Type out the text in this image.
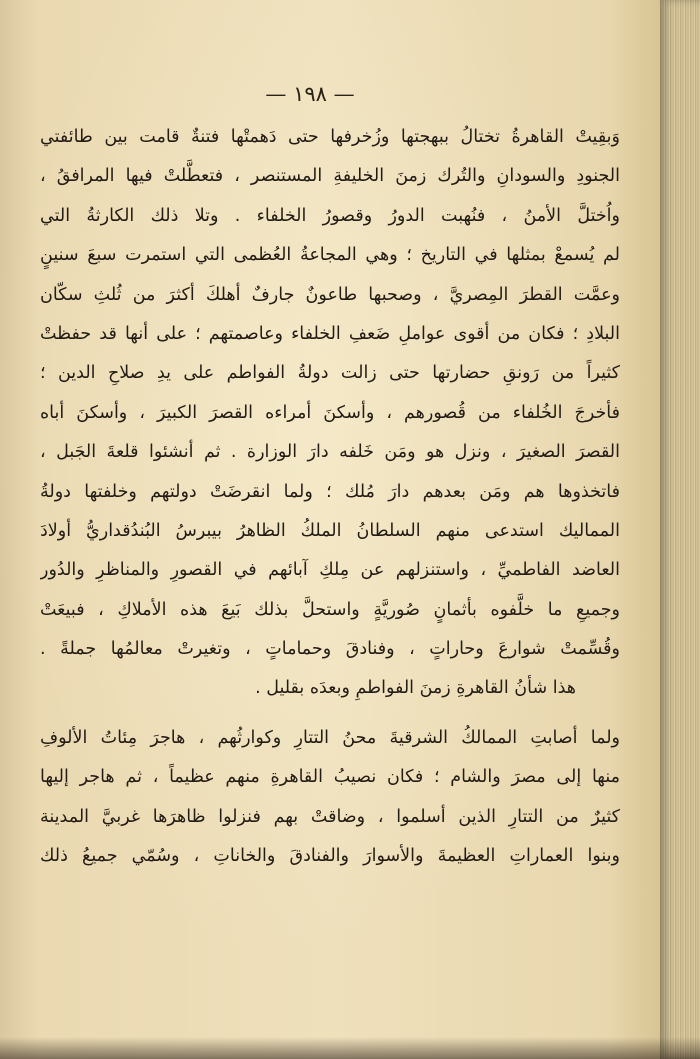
— ١٩٨ —
وَبقِيتْ القاهرةُ تختالُ ببهجتها وزُخرفها حتى دَهمتْها فتنةٌ قامت بين طائفتي
الجنودِ والسودانِ والتُرك زمنَ الخليفةِ المستنصر ، فتعطَّلتْ فيها المرافقُ ،
واُختلَّ الأمنُ ، فنُهبت الدورُ وقصورُ الخلفاء . وتلا ذلك الكارثةُ التي
لم يُسمعْ بمثلها في التاريخ ؛ وهي المجاعةُ العُظمى التي استمرت سبعَ سنينٍ
وعمَّت القطرَ المِصريَّ ، وصحبها طاعونٌ جارفٌ أهلكَ أكثرَ من ثُلثِ سكّان
البلادِ ؛ فكان من أقوى عواملِ ضَعفِ الخلفاء وعاصمتهم ؛ على أنها قد حفظتْ
كثيراً من رَونقِ حضارتها حتى زالت دولةُ الفواطم على يدِ صلاحِ الدين ؛
فأخرجَ الخُلفاء من قُصورهم ، وأسكنَ أمراءه القصرَ الكبيرَ ، وأسكنَ أباه
القصرَ الصغيرَ ، ونزل هو ومَن خَلفه دارَ الوزارة . ثم أنشئوا قلعةَ الجَبل ،
فاتخذوها هم ومَن بعدهم دارَ مُلك ؛ ولما انقرضَتْ دولتهم وخلفتها دولةُ
المماليك استدعى منهم السلطانُ الملكُ الظاهرُ بيبرسُ البُندُقداريُّ أولادَ
العاضد الفاطميِّ ، واستنزلهم عن مِلكِ آبائهم في القصورِ والمناظرِ والدُور
وجميعِ ما خلَّفوه بأثمانٍ صُوريَّةٍ واستحلَّ بذلك بَيعَ هذه الأملاكِ ، فبيعَتْ
وقُسِّمتْ شوارعَ وحاراتٍ ، وفنادقَ وحماماتٍ ، وتغيرتْ معالمُها جملةً .
هذا شأنُ القاهرةِ زمنَ الفواطمِ وبعدَه بقليل .
ولما أصابتِ الممالكُ الشرقيةَ محنُ التتارِ وكوارثُهم ، هاجرَ مِئاتُ الألوفِ
منها إلى مصرَ والشام ؛ فكان نصيبُ القاهرةِ منهم عظيماً ، ثم هاجر إليها
كثيرٌ من التتارِ الذين أسلموا ، وضاقتْ بهم فنزلوا ظاهرَها غربيَّ المدينة
وبنوا العماراتِ العظيمةَ والأسوارَ والفنادقَ والخاناتِ ، وسُمّي جميعُ ذلك
